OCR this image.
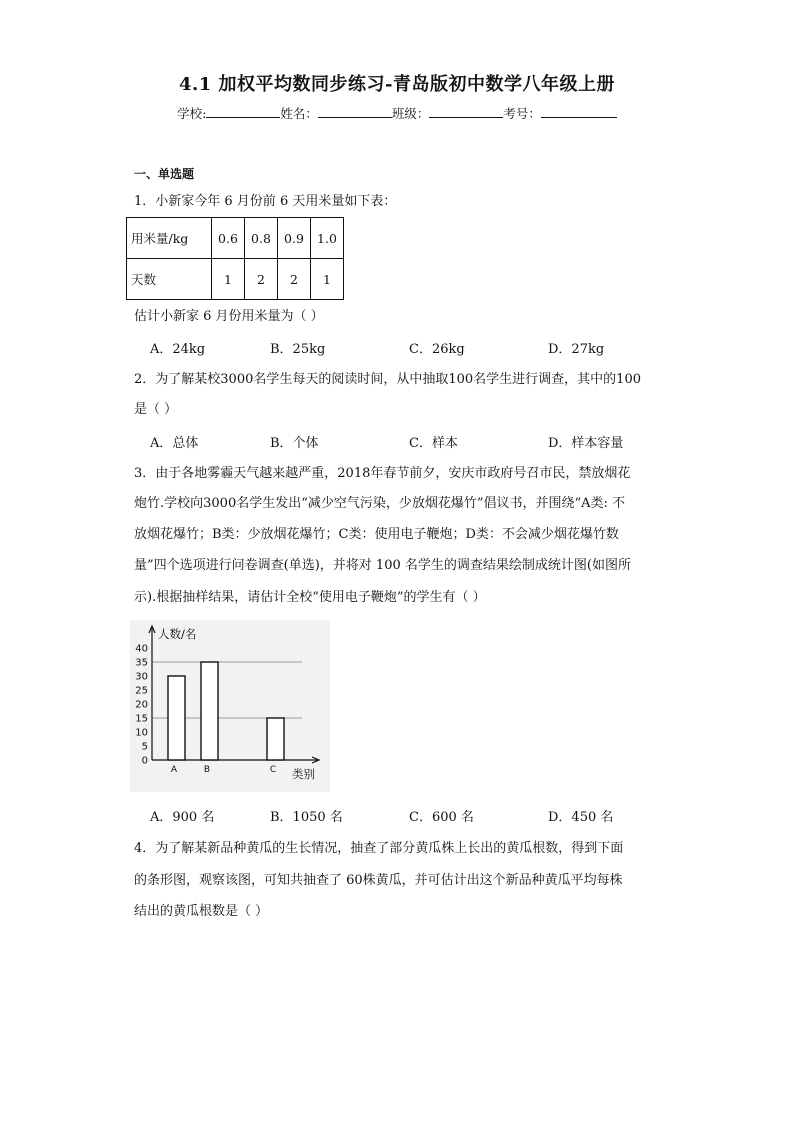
4.1 加权平均数同步练习-青岛版初中数学八年级上册
学校:	姓名：	班级：	考号：
一、单选题
1．小新家今年 6 月份前 6 天用米量如下表：
用米量/kg	0.6	0.8	0.9	1.0
天数	1	2	2	1
估计小新家 6 月份用米量为（ ）
A．24kg	B．25kg	C．26kg	D．27kg
2．为了解某校3000名学生每天的阅读时间，从中抽取100名学生进行调查，其中的100
是（ ）
A．总体	B．个体	C．样本	D．样本容量
3．由于各地雾霾天气越来越严重，2018年春节前夕，安庆市政府号召市民，禁放烟花
炮竹.学校向3000名学生发出“减少空气污染，少放烟花爆竹”倡议书，并围绕“A类: 不
放烟花爆竹；B类：少放烟花爆竹；C类：使用电子鞭炮；D类：不会减少烟花爆竹数
量”四个选项进行问卷调查(单选)，并将对 100 名学生的调查结果绘制成统计图(如图所
示).根据抽样结果，请估计全校“使用电子鞭炮”的学生有（ ）
0
5
10
15
20
25
30
35
40
A	B	C
人数/名
类别
A．900 名	B．1050 名	C．600 名	D．450 名
4．为了解某新品种黄瓜的生长情况，抽查了部分黄瓜株上长出的黄瓜根数，得到下面
的条形图，观察该图，可知共抽查了 60株黄瓜，并可估计出这个新品种黄瓜平均每株
结出的黄瓜根数是（ ）
